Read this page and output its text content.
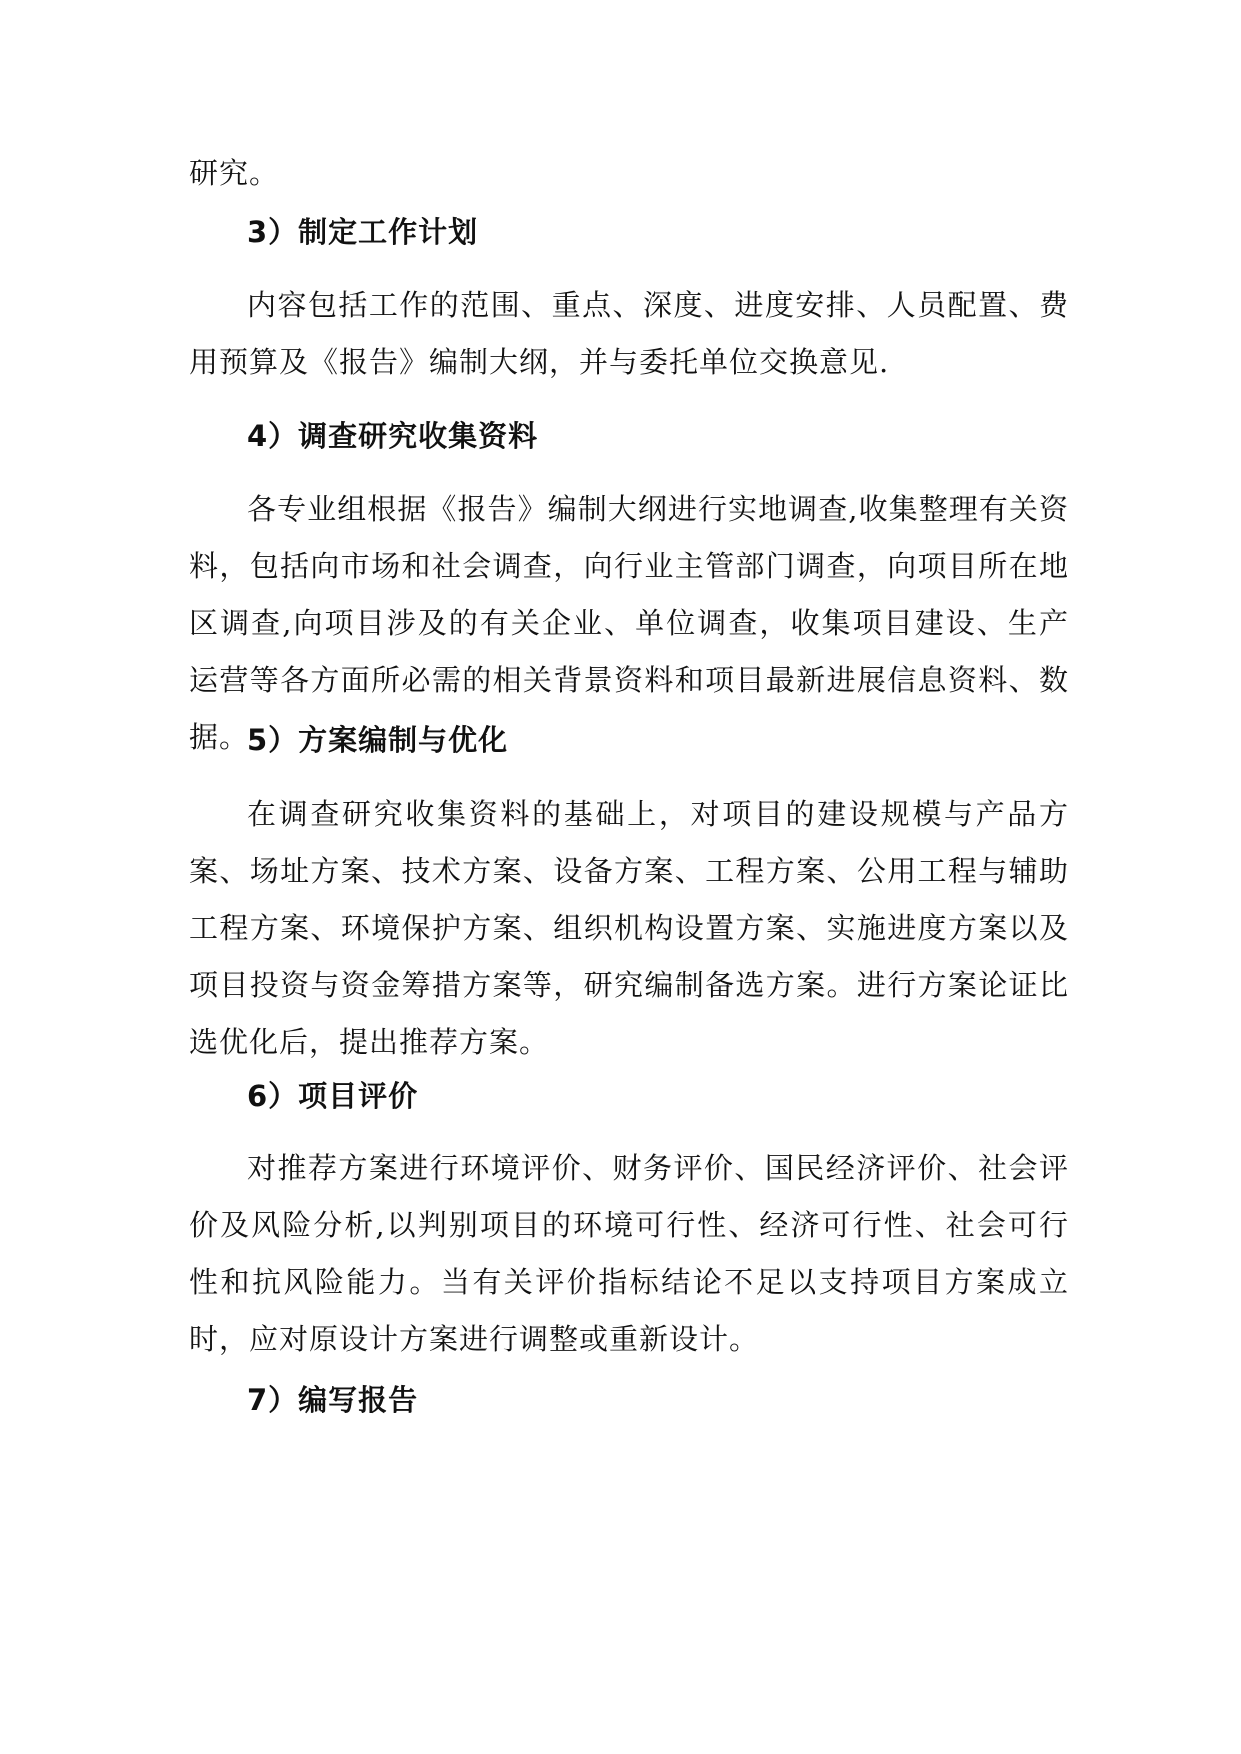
研究。

3）制定工作计划

内容包括工作的范围、重点、深度、进度安排、人员配置、费用预算及《报告》编制大纲，并与委托单位交换意见.

4）调查研究收集资料

各专业组根据《报告》编制大纲进行实地调查,收集整理有关资料，包括向市场和社会调查，向行业主管部门调查，向项目所在地区调查,向项目涉及的有关企业、单位调查，收集项目建设、生产运营等各方面所必需的相关背景资料和项目最新进展信息资料、数据。

5）方案编制与优化

在调查研究收集资料的基础上，对项目的建设规模与产品方案、场址方案、技术方案、设备方案、工程方案、公用工程与辅助工程方案、环境保护方案、组织机构设置方案、实施进度方案以及项目投资与资金筹措方案等，研究编制备选方案。进行方案论证比选优化后，提出推荐方案。

6）项目评价

对推荐方案进行环境评价、财务评价、国民经济评价、社会评价及风险分析,以判别项目的环境可行性、经济可行性、社会可行性和抗风险能力。当有关评价指标结论不足以支持项目方案成立时，应对原设计方案进行调整或重新设计。

7）编写报告
